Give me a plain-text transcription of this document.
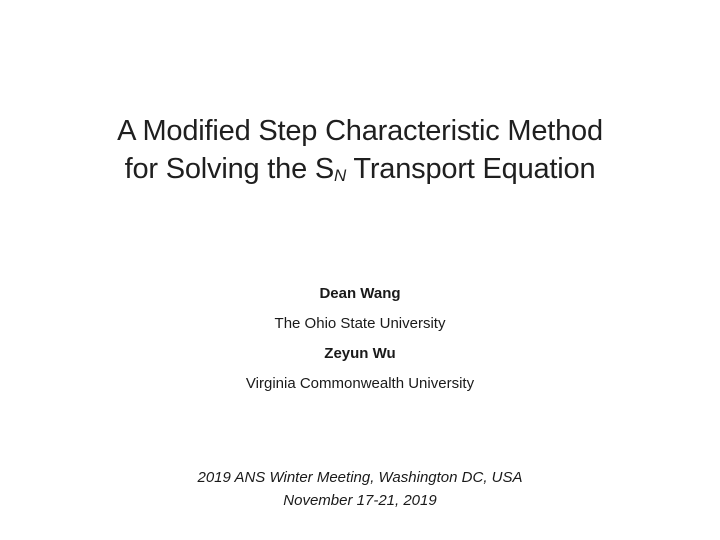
A Modified Step Characteristic Method
for Solving the SN Transport Equation
Dean Wang
The Ohio State University
Zeyun Wu
Virginia Commonwealth University
2019 ANS Winter Meeting, Washington DC, USA
November 17-21, 2019
